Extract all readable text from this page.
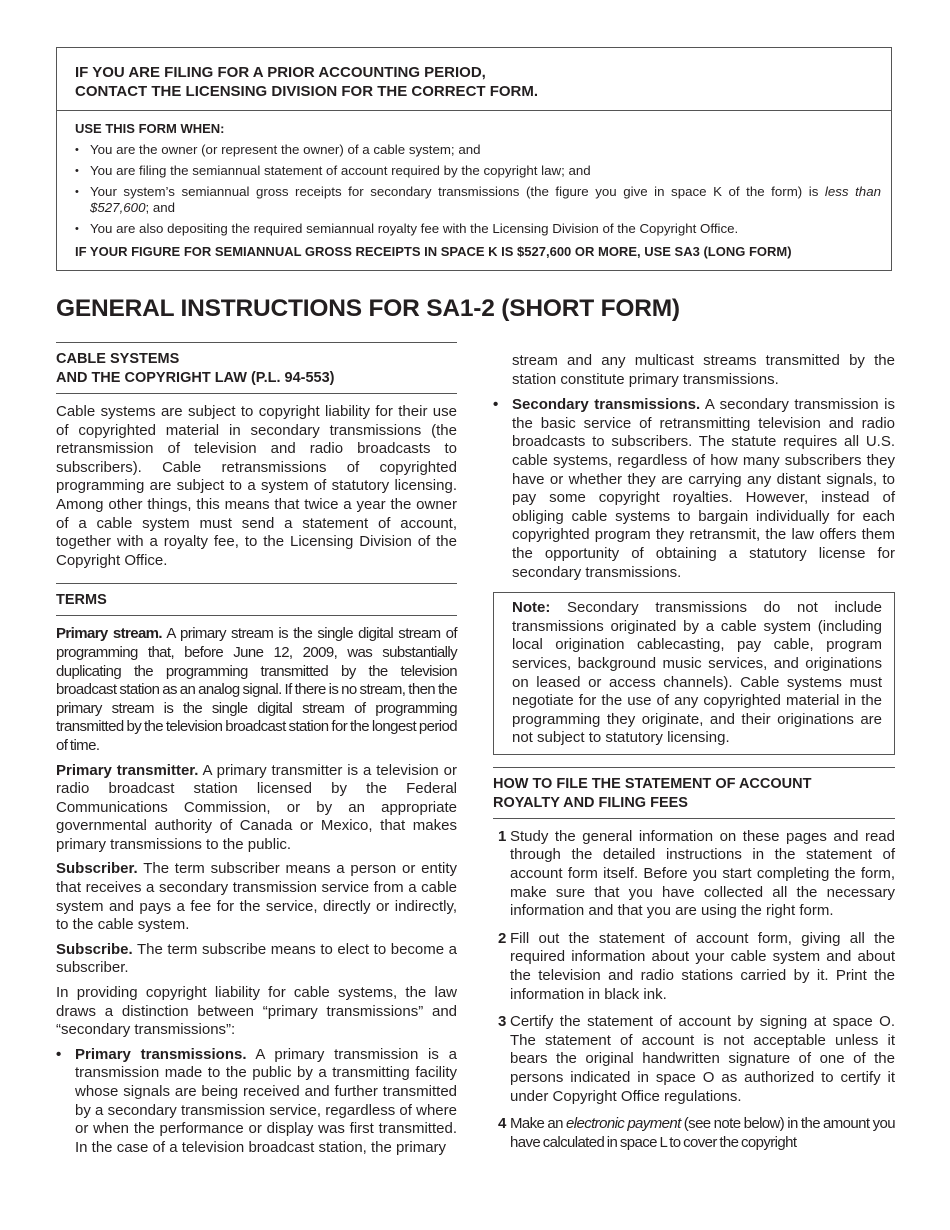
IF YOU ARE FILING FOR A PRIOR ACCOUNTING PERIOD,
CONTACT THE LICENSING DIVISION FOR THE CORRECT FORM.
USE THIS FORM WHEN:
• You are the owner (or represent the owner) of a cable system; and
• You are filing the semiannual statement of account required by the copyright law; and
• Your system’s semiannual gross receipts for secondary transmissions (the figure you give in space K of the form) is less than $527,600; and
• You are also depositing the required semiannual royalty fee with the Licensing Division of the Copyright Office.
IF YOUR FIGURE FOR SEMIANNUAL GROSS RECEIPTS IN SPACE K IS $527,600 OR MORE, USE SA3 (LONG FORM)
GENERAL INSTRUCTIONS FOR SA1-2 (SHORT FORM)
CABLE SYSTEMS
AND THE COPYRIGHT LAW (P.L. 94-553)

Cable systems are subject to copyright liability for their use of copyrighted material in secondary transmissions (the retransmission of television and radio broadcasts to subscribers). Cable retransmissions of copyrighted programming are subject to a system of statutory licensing. Among other things, this means that twice a year the owner of a cable system must send a statement of account, together with a royalty fee, to the Licensing Division of the Copyright Office.

TERMS

Primary stream. A primary stream is the single digital stream of programming that, before June 12, 2009, was substantially duplicating the programming transmitted by the television broadcast station as an analog signal. If there is no stream, then the primary stream is the single digital stream of programming transmitted by the television broadcast station for the longest period of time.

Primary transmitter. A primary transmitter is a television or radio broadcast station licensed by the Federal Communications Commission, or by an appropriate governmental authority of Canada or Mexico, that makes primary transmissions to the public.

Subscriber. The term subscriber means a person or entity that receives a secondary transmission service from a cable system and pays a fee for the service, directly or indirectly, to the cable system.

Subscribe. The term subscribe means to elect to become a subscriber.

In providing copyright liability for cable systems, the law draws a distinction between “primary transmissions” and “secondary transmissions”:

• Primary transmissions. A primary transmission is a transmission made to the public by a transmitting facility whose signals are being received and further transmitted by a secondary transmission service, regardless of where or when the performance or display was first transmitted. In the case of a television broadcast station, the primary
stream and any multicast streams transmitted by the station constitute primary transmissions.
• Secondary transmissions. A secondary transmission is the basic service of retransmitting television and radio broadcasts to subscribers. The statute requires all U.S. cable systems, regardless of how many subscribers they have or whether they are carrying any distant signals, to pay some copyright royalties. However, instead of obliging cable systems to bargain individually for each copyrighted program they retransmit, the law offers them the opportunity of obtaining a statutory license for secondary transmissions.
Note: Secondary transmissions do not include transmissions originated by a cable system (including local origination cablecasting, pay cable, program services, background music services, and originations on leased or access channels). Cable systems must negotiate for the use of any copyrighted material in the programming they originate, and their originations are not subject to statutory licensing.
HOW TO FILE THE STATEMENT OF ACCOUNT
ROYALTY AND FILING FEES
1 Study the general information on these pages and read through the detailed instructions in the statement of account form itself. Before you start completing the form, make sure that you have collected all the necessary information and that you are using the right form.
2 Fill out the statement of account form, giving all the required information about your cable system and about the television and radio stations carried by it. Print the information in black ink.
3 Certify the statement of account by signing at space O. The statement of account is not acceptable unless it bears the original handwritten signature of one of the persons indicated in space O as authorized to certify it under Copyright Office regulations.
4 Make an electronic payment (see note below) in the amount you have calculated in space L to cover the copyright
